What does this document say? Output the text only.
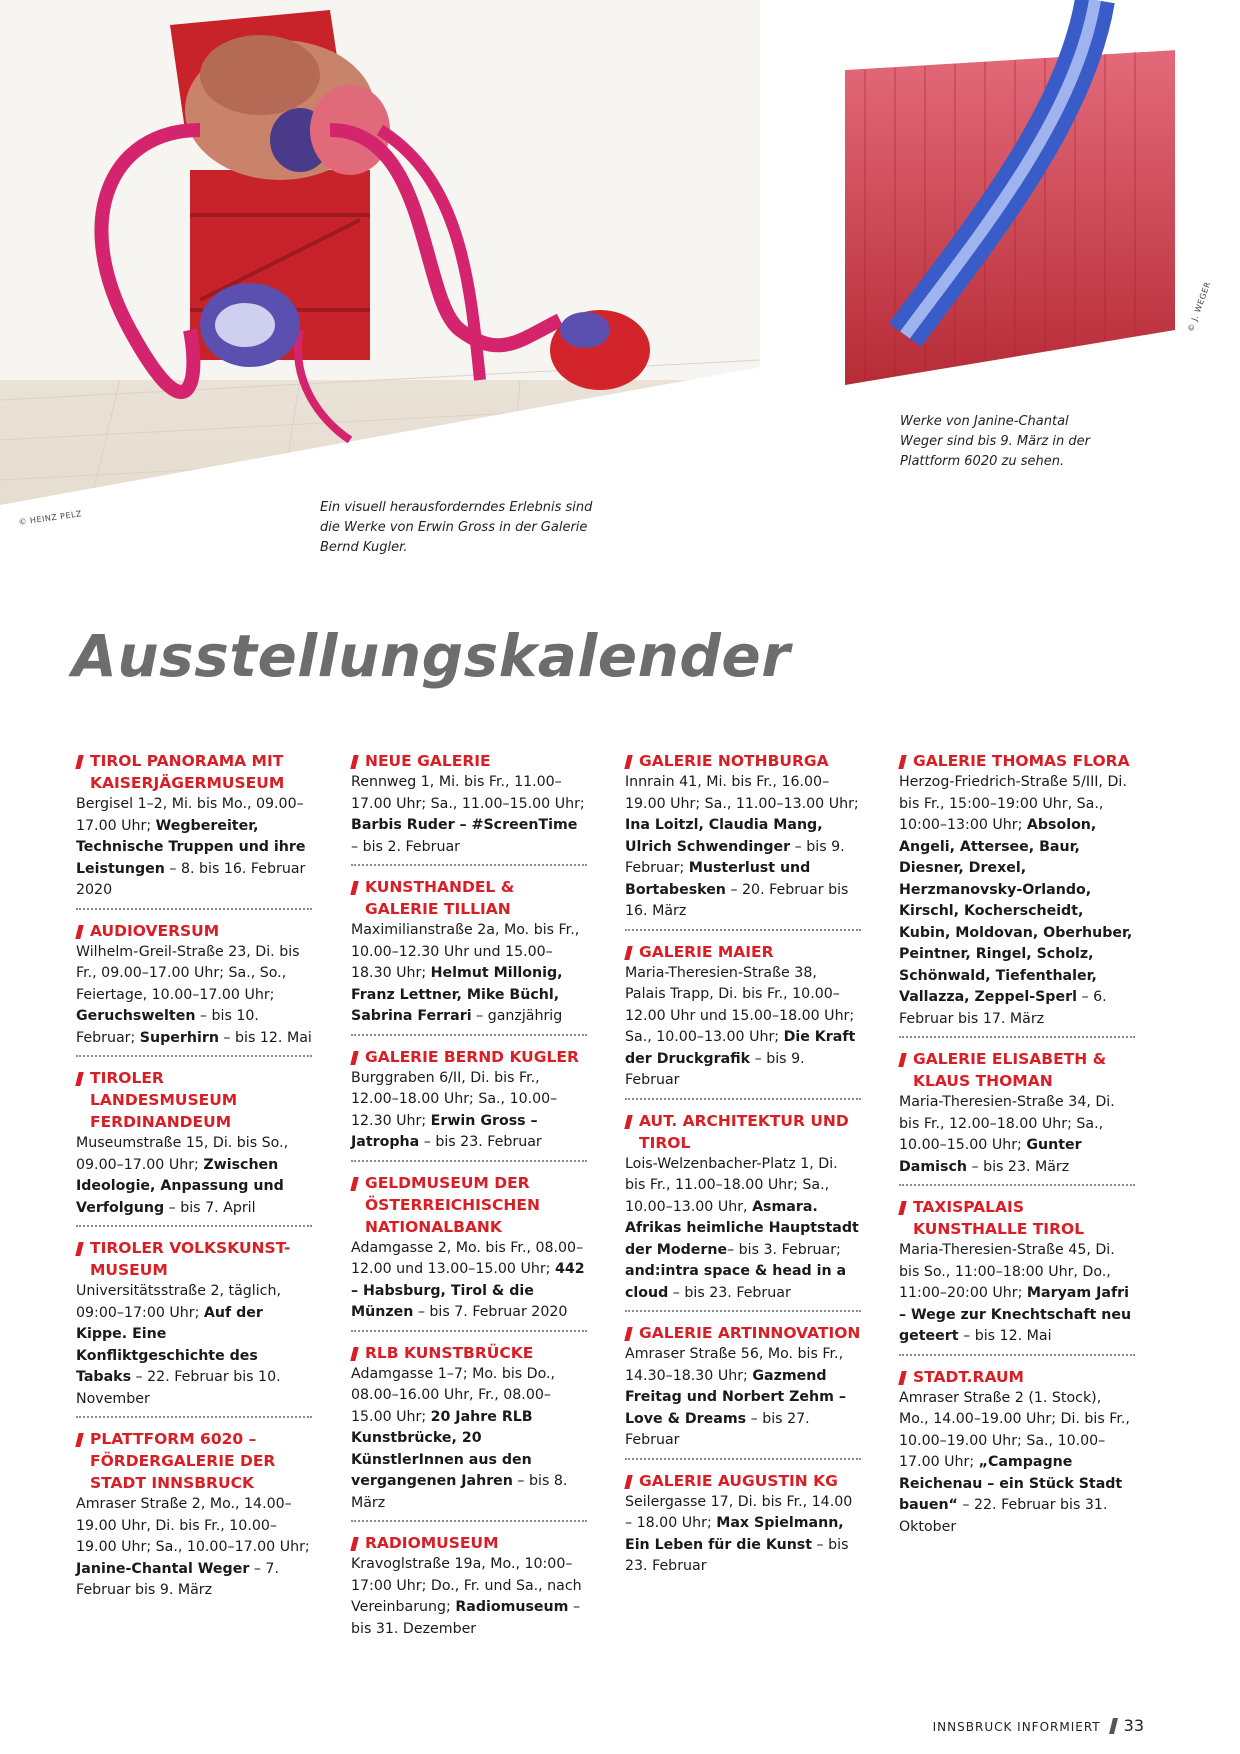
© HEINZ PELZ
© J. WEGER
Ein visuell herausforderndes Erlebnis sind die Werke von Erwin Gross in der Galerie Bernd Kugler.
Werke von Janine-Chantal Weger sind bis 9. März in der Plattform 6020 zu sehen.
Ausstellungskalender
TIROL PANORAMA MIT KAISERJÄGERMUSEUM
Bergisel 1–2, Mi. bis Mo., 09.00–17.00 Uhr; Wegbereiter, Technische Truppen und ihre Leistungen – 8. bis 16. Februar 2020
AUDIOVERSUM
Wilhelm-Greil-Straße 23, Di. bis Fr., 09.00–17.00 Uhr; Sa., So., Feiertage, 10.00–17.00 Uhr; Geruchswelten – bis 10. Februar; Superhirn – bis 12. Mai
TIROLER LANDESMUSEUM FERDINANDEUM
Museumstraße 15, Di. bis So., 09.00–17.00 Uhr; Zwischen Ideologie, Anpassung und Verfolgung – bis 7. April
TIROLER VOLKSKUNST-MUSEUM
Universitätsstraße 2, täglich, 09:00–17:00 Uhr; Auf der Kippe. Eine Konfliktgeschichte des Tabaks – 22. Februar bis 10. November
PLATTFORM 6020 – FÖRDERGALERIE DER STADT INNSBRUCK
Amraser Straße 2, Mo., 14.00–19.00 Uhr, Di. bis Fr., 10.00–19.00 Uhr; Sa., 10.00–17.00 Uhr; Janine-Chantal Weger – 7. Februar bis 9. März
NEUE GALERIE
Rennweg 1, Mi. bis Fr., 11.00–17.00 Uhr; Sa., 11.00–15.00 Uhr; Barbis Ruder – #ScreenTime – bis 2. Februar
KUNSTHANDEL & GALERIE TILLIAN
Maximilianstraße 2a, Mo. bis Fr., 10.00–12.30 Uhr und 15.00–18.30 Uhr; Helmut Millonig, Franz Lettner, Mike Büchl, Sabrina Ferrari – ganzjährig
GALERIE BERND KUGLER
Burggraben 6/II, Di. bis Fr., 12.00–18.00 Uhr; Sa., 10.00–12.30 Uhr; Erwin Gross – Jatropha – bis 23. Februar
GELDMUSEUM DER ÖSTERREICHISCHEN NATIONALBANK
Adamgasse 2, Mo. bis Fr., 08.00–12.00 und 13.00–15.00 Uhr; 442 – Habsburg, Tirol & die Münzen – bis 7. Februar 2020
RLB KUNSTBRÜCKE
Adamgasse 1–7; Mo. bis Do., 08.00–16.00 Uhr, Fr., 08.00–15.00 Uhr; 20 Jahre RLB Kunstbrücke, 20 KünstlerInnen aus den vergangenen Jahren – bis 8. März
RADIOMUSEUM
Kravoglstraße 19a, Mo., 10:00–17:00 Uhr; Do., Fr. und Sa., nach Vereinbarung; Radiomuseum – bis 31. Dezember
GALERIE NOTHBURGA
Innrain 41, Mi. bis Fr., 16.00–19.00 Uhr; Sa., 11.00–13.00 Uhr; Ina Loitzl, Claudia Mang, Ulrich Schwendinger – bis 9. Februar; Musterlust und Bortabesken – 20. Februar bis 16. März
GALERIE MAIER
Maria-Theresien-Straße 38, Palais Trapp, Di. bis Fr., 10.00–12.00 Uhr und 15.00–18.00 Uhr; Sa., 10.00–13.00 Uhr; Die Kraft der Druckgrafik – bis 9. Februar
AUT. ARCHITEKTUR UND TIROL
Lois-Welzenbacher-Platz 1, Di. bis Fr., 11.00–18.00 Uhr; Sa., 10.00–13.00 Uhr, Asmara. Afrikas heimliche Hauptstadt der Moderne– bis 3. Februar; and:intra space & head in a cloud – bis 23. Februar
GALERIE ARTINNOVATION
Amraser Straße 56, Mo. bis Fr., 14.30–18.30 Uhr; Gazmend Freitag und Norbert Zehm – Love & Dreams – bis 27. Februar
GALERIE AUGUSTIN KG
Seilergasse 17, Di. bis Fr., 14.00 – 18.00 Uhr; Max Spielmann, Ein Leben für die Kunst – bis 23. Februar
GALERIE THOMAS FLORA
Herzog-Friedrich-Straße 5/III, Di. bis Fr., 15:00–19:00 Uhr, Sa., 10:00–13:00 Uhr; Absolon, Angeli, Attersee, Baur, Diesner, Drexel, Herzmanovsky-Orlando, Kirschl, Kocherscheidt, Kubin, Moldovan, Oberhuber, Peintner, Ringel, Scholz, Schönwald, Tiefenthaler, Vallazza, Zeppel-Sperl – 6. Februar bis 17. März
GALERIE ELISABETH & KLAUS THOMAN
Maria-Theresien-Straße 34, Di. bis Fr., 12.00–18.00 Uhr; Sa., 10.00–15.00 Uhr; Gunter Damisch – bis 23. März
TAXISPALAIS KUNSTHALLE TIROL
Maria-Theresien-Straße 45, Di. bis So., 11:00–18:00 Uhr, Do., 11:00–20:00 Uhr; Maryam Jafri – Wege zur Knechtschaft neu geteert – bis 12. Mai
STADT.RAUM
Amraser Straße 2 (1. Stock), Mo., 14.00–19.00 Uhr; Di. bis Fr., 10.00–19.00 Uhr; Sa., 10.00–17.00 Uhr; „Campagne Reichenau – ein Stück Stadt bauen“ – 22. Februar bis 31. Oktober
INNSBRUCK INFORMIERT 33
